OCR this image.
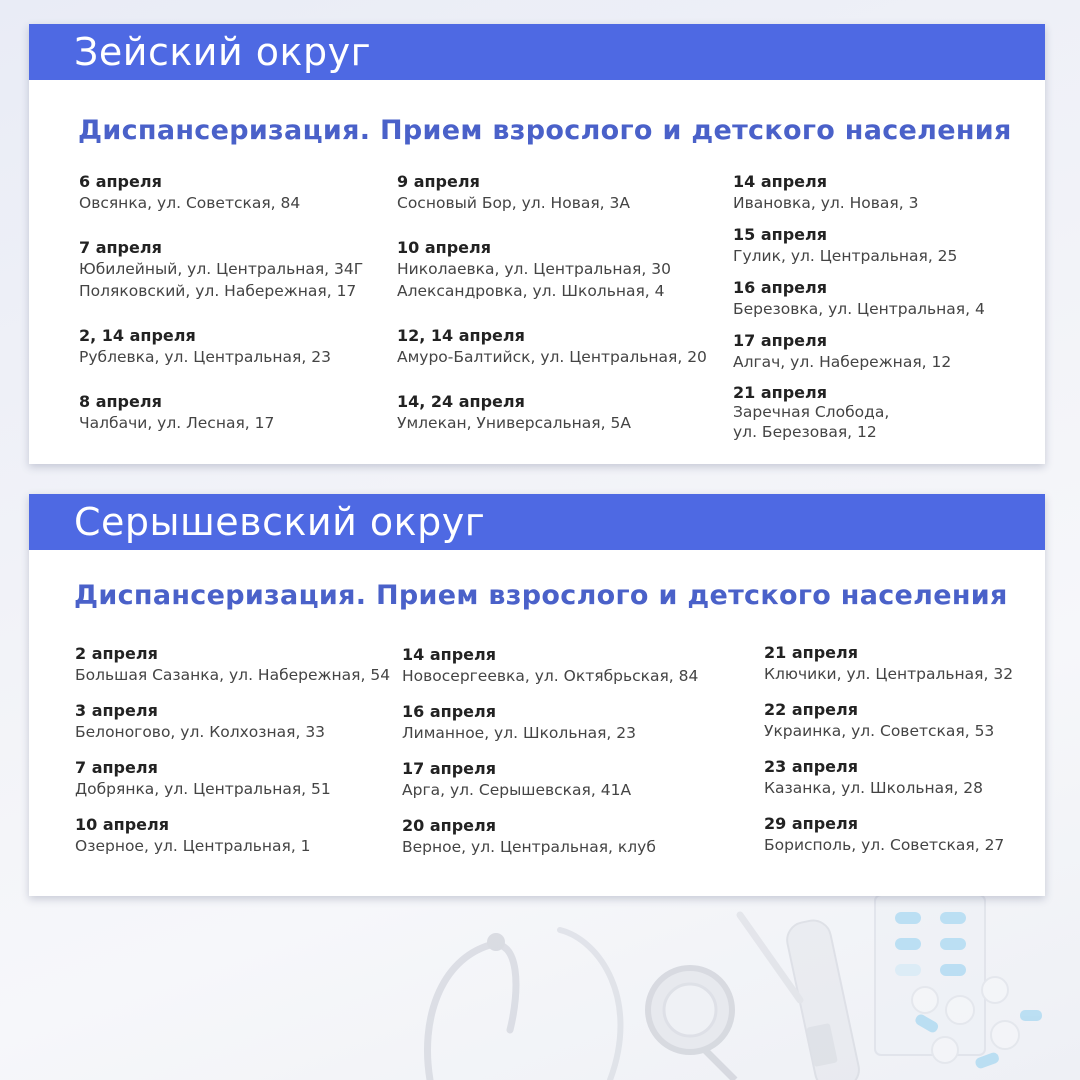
Зейский округ
Диспансеризация. Прием взрослого и детского населения
6 апреля
Овсянка, ул. Советская, 84
7 апреля
Юбилейный, ул. Центральная, 34Г
Поляковский, ул. Набережная, 17
2, 14 апреля
Рублевка, ул. Центральная, 23
8 апреля
Чалбачи, ул. Лесная, 17
9 апреля
Сосновый Бор, ул. Новая, 3А
10 апреля
Николаевка, ул. Центральная, 30
Александровка, ул. Школьная, 4
12, 14 апреля
Амуро-Балтийск, ул. Центральная, 20
14, 24 апреля
Умлекан, Универсальная, 5А
14 апреля
Ивановка, ул. Новая, 3
15 апреля
Гулик, ул. Центральная, 25
16 апреля
Березовка, ул. Центральная, 4
17 апреля
Алгач, ул. Набережная, 12
21 апреля
Заречная Слобода,
ул. Березовая, 12
Серышевский округ
Диспансеризация. Прием взрослого и детского населения
2 апреля
Большая Сазанка, ул. Набережная, 54
3 апреля
Белоногово, ул. Колхозная, 33
7 апреля
Добрянка, ул. Центральная, 51
10 апреля
Озерное, ул. Центральная, 1
14 апреля
Новосергеевка, ул. Октябрьская, 84
16 апреля
Лиманное, ул. Школьная, 23
17 апреля
Арга, ул. Серышевская, 41А
20 апреля
Верное, ул. Центральная, клуб
21 апреля
Ключики, ул. Центральная, 32
22 апреля
Украинка, ул. Советская, 53
23 апреля
Казанка, ул. Школьная, 28
29 апреля
Борисполь, ул. Советская, 27
